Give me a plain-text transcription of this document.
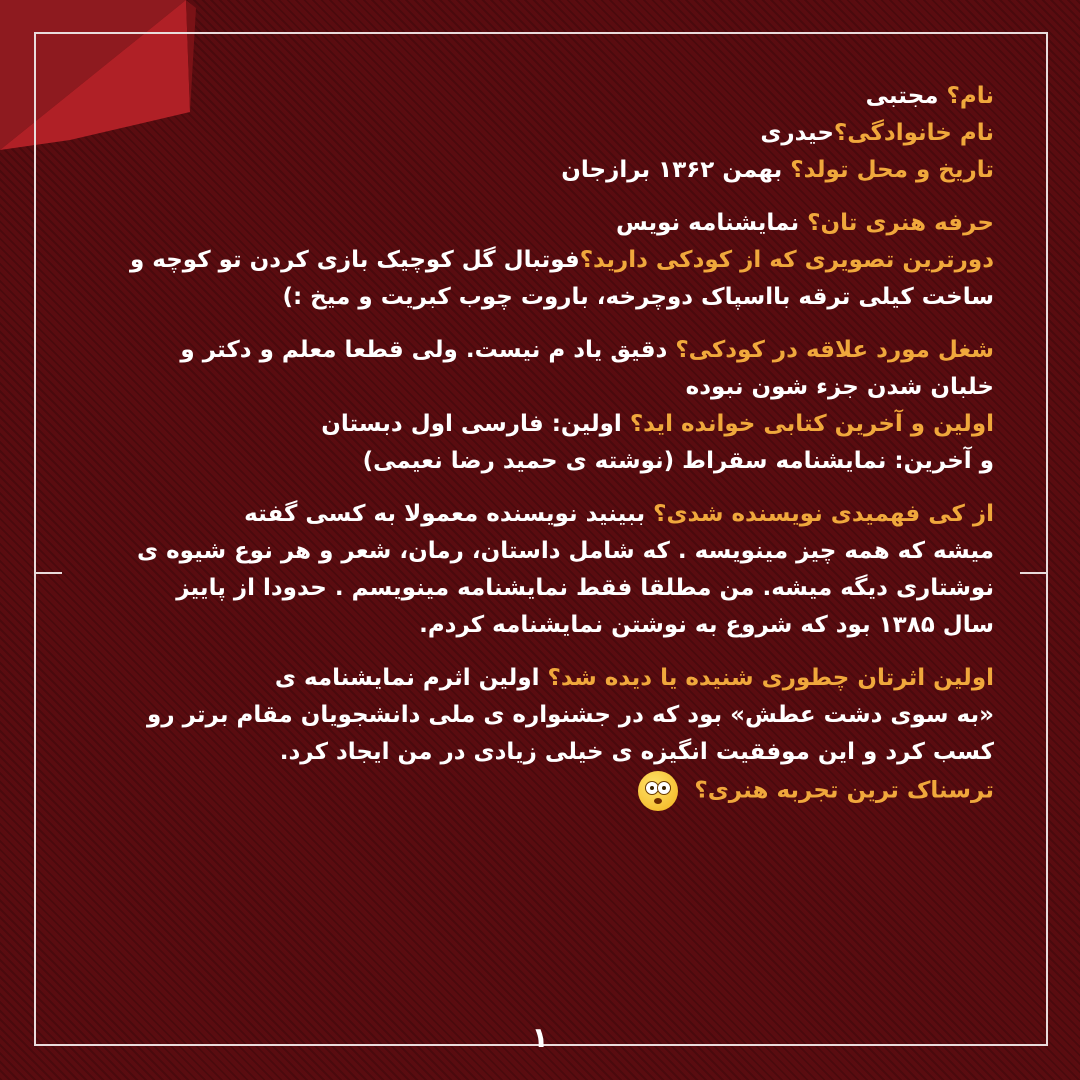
نام؟ مجتبی
نام خانوادگی؟حیدری
تاریخ و محل تولد؟ بهمن ۱۳۶۲ برازجان
حرفه هنری تان؟ نمایشنامه نویس
دورترین تصویری که از کودکی دارید؟فوتبال گل کوچیک بازی کردن تو کوچه و
ساخت کیلی ترقه بااسپاک دوچرخه، باروت چوب کبریت و میخ :)
شغل مورد علاقه در کودکی؟ دقیق یاد م نیست. ولی قطعا معلم و دکتر و
خلبان شدن جزء شون نبوده
اولین و آخرین کتابی خوانده اید؟ اولین: فارسی اول دبستان
و آخرین: نمایشنامه سقراط (نوشته ی حمید رضا نعیمی)
از کی فهمیدی نویسنده شدی؟ ببینید نویسنده معمولا به کسی گفته
میشه که همه چیز مینویسه . که شامل داستان، رمان، شعر و هر نوع شیوه ی
نوشتاری دیگه میشه. من مطلقا فقط نمایشنامه مینویسم . حدودا از پاییز
سال ۱۳۸۵ بود که شروع به نوشتن نمایشنامه کردم.
اولین اثرتان چطوری شنیده یا دیده شد؟ اولین اثرم نمایشنامه ی
«به سوی دشت عطش» بود که در جشنواره ی ملی دانشجویان مقام برتر رو
کسب کرد و این موفقیت انگیزه ی خیلی زیادی در من ایجاد کرد.
ترسناک ترین تجربه هنری؟
۱
